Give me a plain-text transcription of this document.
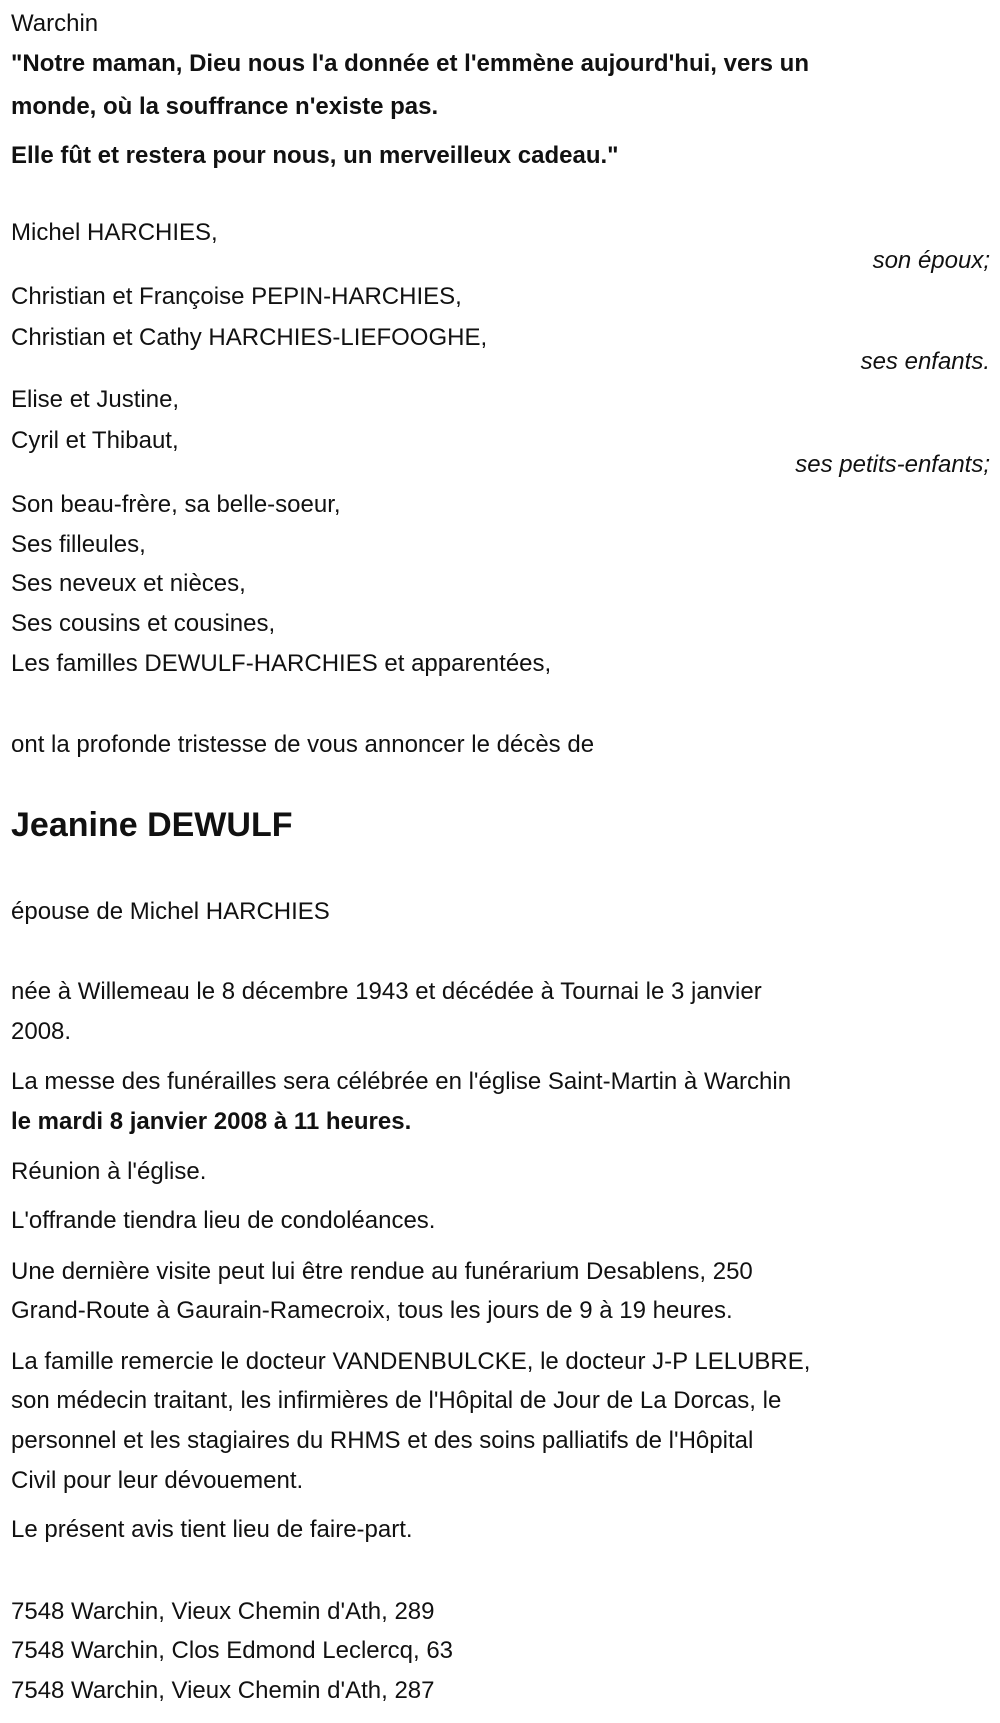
Warchin
"Notre maman, Dieu nous l'a donnée et l'emmène aujourd'hui, vers un
monde, où la souffrance n'existe pas.
Elle fût et restera pour nous, un merveilleux cadeau."
Michel HARCHIES,
son époux;
Christian et Françoise PEPIN-HARCHIES,
Christian et Cathy HARCHIES-LIEFOOGHE,
ses enfants.
Elise et Justine,
Cyril et Thibaut,
ses petits-enfants;
Son beau-frère, sa belle-soeur,
Ses filleules,
Ses neveux et nièces,
Ses cousins et cousines,
Les familles DEWULF-HARCHIES et apparentées,
ont la profonde tristesse de vous annoncer le décès de
Jeanine DEWULF
épouse de Michel HARCHIES
née à Willemeau le 8 décembre 1943 et décédée à Tournai le 3 janvier
2008.
La messe des funérailles sera célébrée en l'église Saint-Martin à Warchin
le mardi 8 janvier 2008 à 11 heures.
Réunion à l'église.
L'offrande tiendra lieu de condoléances.
Une dernière visite peut lui être rendue au funérarium Desablens, 250
Grand-Route à Gaurain-Ramecroix, tous les jours de 9 à 19 heures.
La famille remercie le docteur VANDENBULCKE, le docteur J-P LELUBRE,
son médecin traitant, les infirmières de l'Hôpital de Jour de La Dorcas, le
personnel et les stagiaires du RHMS et des soins palliatifs de l'Hôpital
Civil pour leur dévouement.
Le présent avis tient lieu de faire-part.
7548 Warchin, Vieux Chemin d'Ath, 289
7548 Warchin, Clos Edmond Leclercq, 63
7548 Warchin, Vieux Chemin d'Ath, 287
